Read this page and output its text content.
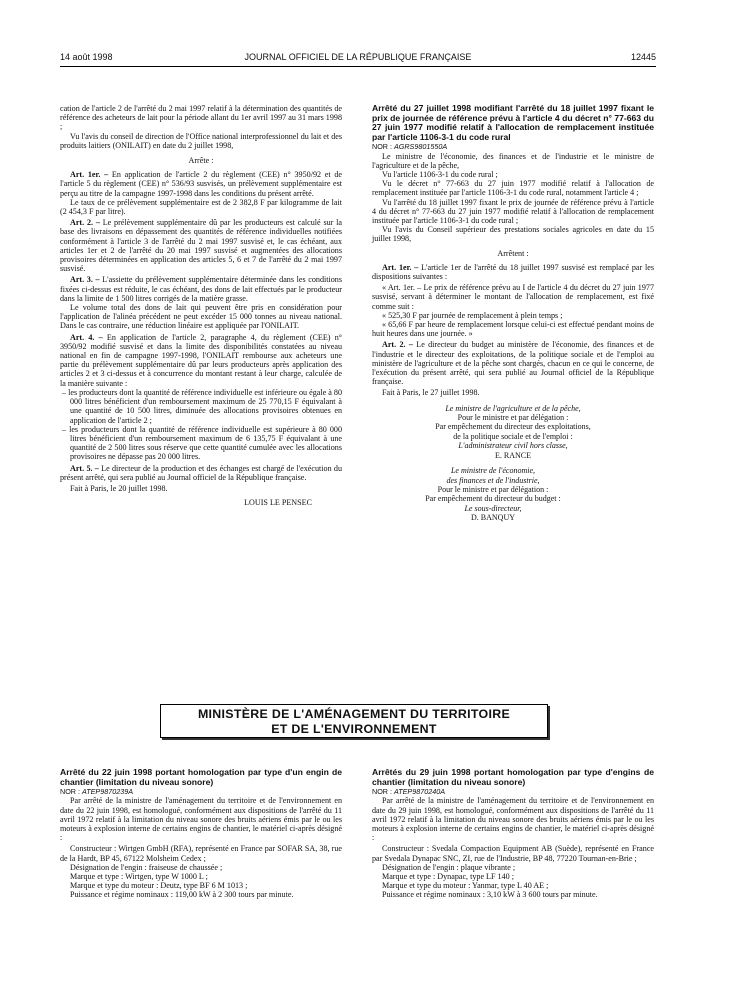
14 août 1998	JOURNAL OFFICIEL DE LA RÉPUBLIQUE FRANÇAISE	12445

cation de l'article 2 de l'arrêté du 2 mai 1997 relatif à la détermination des quantités de référence des acheteurs de lait pour la période allant du 1er avril 1997 au 31 mars 1998 ;

Vu l'avis du conseil de direction de l'Office national interprofessionnel du lait et des produits laitiers (ONILAIT) en date du 2 juillet 1998,

Arrête :

Art. 1er. – En application de l'article 2 du règlement (CEE) n° 3950/92 et de l'article 5 du règlement (CEE) n° 536/93 susvisés, un prélèvement supplémentaire est perçu au titre de la campagne 1997-1998 dans les conditions du présent arrêté.

Le taux de ce prélèvement supplémentaire est de 2 382,8 F par kilogramme de lait (2 454,3 F par litre).

Art. 2. – Le prélèvement supplémentaire dû par les producteurs est calculé sur la base des livraisons en dépassement des quantités de référence individuelles notifiées conformément à l'article 3 de l'arrêté du 2 mai 1997 susvisé et, le cas échéant, aux articles 1er et 2 de l'arrêté du 20 mai 1997 susvisé et augmentées des allocations provisoires déterminées en application des articles 5, 6 et 7 de l'arrêté du 2 mai 1997 susvisé.

Art. 3. – L'assiette du prélèvement supplémentaire déterminée dans les conditions fixées ci-dessus est réduite, le cas échéant, des dons de lait effectués par le producteur dans la limite de 1 500 litres corrigés de la matière grasse.

Le volume total des dons de lait qui peuvent être pris en considération pour l'application de l'alinéa précédent ne peut excéder 15 000 tonnes au niveau national. Dans le cas contraire, une réduction linéaire est appliquée par l'ONILAIT.

Art. 4. – En application de l'article 2, paragraphe 4, du règlement (CEE) n° 3950/92 modifié susvisé et dans la limite des disponibilités constatées au niveau national en fin de campagne 1997-1998, l'ONILAIT rembourse aux acheteurs une partie du prélèvement supplémentaire dû par leurs producteurs après application des articles 2 et 3 ci-dessus et à concurrence du montant restant à leur charge, calculée de la manière suivante :

– les producteurs dont la quantité de référence individuelle est inférieure ou égale à 80 000 litres bénéficient d'un remboursement maximum de 25 770,15 F équivalant à une quantité de 10 500 litres, diminuée des allocations provisoires obtenues en application de l'article 2 ;

– les producteurs dont la quantité de référence individuelle est supérieure à 80 000 litres bénéficient d'un remboursement maximum de 6 135,75 F équivalant à une quantité de 2 500 litres sous réserve que cette quantité cumulée avec les allocations provisoires ne dépasse pas 20 000 litres.

Art. 5. – Le directeur de la production et des échanges est chargé de l'exécution du présent arrêté, qui sera publié au Journal officiel de la République française.

Fait à Paris, le 20 juillet 1998.

LOUIS LE PENSEC

Arrêté du 27 juillet 1998 modifiant l'arrêté du 18 juillet 1997 fixant le prix de journée de référence prévu à l'article 4 du décret n° 77-663 du 27 juin 1977 modifié relatif à l'allocation de remplacement instituée par l'article 1106-3-1 du code rural

NOR : AGRS9801550A

Le ministre de l'économie, des finances et de l'industrie et le ministre de l'agriculture et de la pêche,

Vu l'article 1106-3-1 du code rural ;

Vu le décret n° 77-663 du 27 juin 1977 modifié relatif à l'allocation de remplacement instituée par l'article 1106-3-1 du code rural, notamment l'article 4 ;

Vu l'arrêté du 18 juillet 1997 fixant le prix de journée de référence prévu à l'article 4 du décret n° 77-663 du 27 juin 1977 modifié relatif à l'allocation de remplacement instituée par l'article 1106-3-1 du code rural ;

Vu l'avis du Conseil supérieur des prestations sociales agricoles en date du 15 juillet 1998,

Arrêtent :

Art. 1er. – L'article 1er de l'arrêté du 18 juillet 1997 susvisé est remplacé par les dispositions suivantes :

« Art. 1er. – Le prix de référence prévu au I de l'article 4 du décret du 27 juin 1977 susvisé, servant à déterminer le montant de l'allocation de remplacement, est fixé comme suit :

« 525,30 F par journée de remplacement à plein temps ;

« 65,66 F par heure de remplacement lorsque celui-ci est effectué pendant moins de huit heures dans une journée. »

Art. 2. – Le directeur du budget au ministère de l'économie, des finances et de l'industrie et le directeur des exploitations, de la politique sociale et de l'emploi au ministère de l'agriculture et de la pêche sont chargés, chacun en ce qui le concerne, de l'exécution du présent arrêté, qui sera publié au Journal officiel de la République française.

Fait à Paris, le 27 juillet 1998.

Le ministre de l'agriculture et de la pêche,
Pour le ministre et par délégation :
Par empêchement du directeur des exploitations,
de la politique sociale et de l'emploi :
L'administrateur civil hors classe,
E. RANCE
Le ministre de l'économie,
des finances et de l'industrie,
Pour le ministre et par délégation :
Par empêchement du directeur du budget :
Le sous-directeur,
D. BANQUY
MINISTÈRE DE L'AMÉNAGEMENT DU TERRITOIRE
ET DE L'ENVIRONNEMENT

Arrêté du 22 juin 1998 portant homologation par type d'un engin de chantier (limitation du niveau sonore)

NOR : ATEP9870239A

Par arrêté de la ministre de l'aménagement du territoire et de l'environnement en date du 22 juin 1998, est homologué, conformément aux dispositions de l'arrêté du 11 avril 1972 relatif à la limitation du niveau sonore des bruits aériens émis par le ou les moteurs à explosion interne de certains engins de chantier, le matériel ci-après désigné :

Constructeur : Wirtgen GmbH (RFA), représenté en France par SOFAR SA, 38, rue de la Hardt, BP 45, 67122 Molsheim Cedex ;

Désignation de l'engin : fraiseuse de chaussée ;

Marque et type : Wirtgen, type W 1000 L ;

Marque et type du moteur : Deutz, type BF 6 M 1013 ;

Puissance et régime nominaux : 119,00 kW à 2 300 tours par minute.

Arrêtés du 29 juin 1998 portant homologation par type d'engins de chantier (limitation du niveau sonore)

NOR : ATEP9870240A

Par arrêté de la ministre de l'aménagement du territoire et de l'environnement en date du 29 juin 1998, est homologué, conformément aux dispositions de l'arrêté du 11 avril 1972 relatif à la limitation du niveau sonore des bruits aériens émis par le ou les moteurs à explosion interne de certains engins de chantier, le matériel ci-après désigné :

Constructeur : Svedala Compaction Equipment AB (Suède), représenté en France par Svedala Dynapac SNC, ZI, rue de l'Industrie, BP 48, 77220 Tournan-en-Brie ;

Désignation de l'engin : plaque vibrante ;

Marque et type : Dynapac, type LF 140 ;

Marque et type du moteur : Yanmar, type L 40 AE ;

Puissance et régime nominaux : 3,10 kW à 3 600 tours par minute.
